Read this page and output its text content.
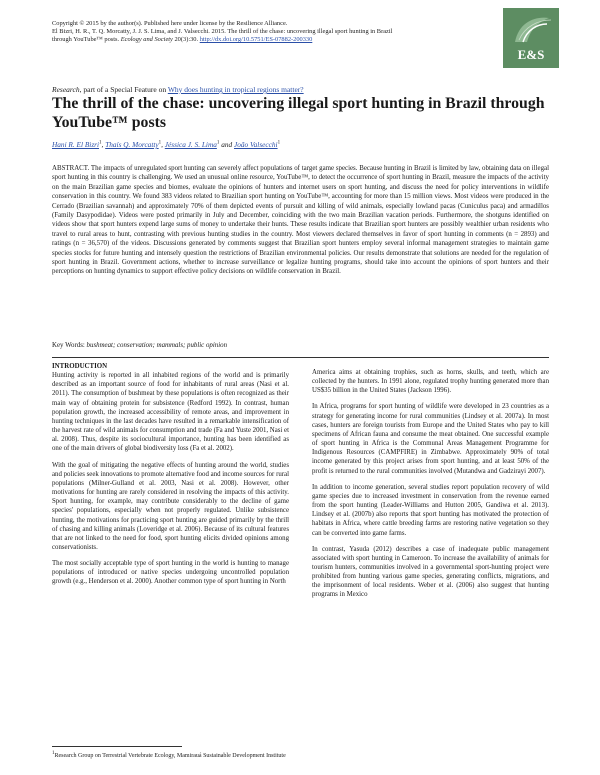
Copyright © 2015 by the author(s). Published here under license by the Resilience Alliance.
El Bizri, H. R., T. Q. Morcatty, J. J. S. Lima, and J. Valsecchi. 2015. The thrill of the chase: uncovering illegal sport hunting in Brazil
through YouTube™ posts. Ecology and Society 20(3):30. http://dx.doi.org/10.5751/ES-07882-200330
E&S
Research, part of a Special Feature on Why does hunting in tropical regions matter?
The thrill of the chase: uncovering illegal sport hunting in Brazil through YouTube™ posts
Hani R. El Bizri$^1$, Thaís Q. Morcatty$^1$, Jéssica J. S. Lima$^1$ and João Valsecchi$^1$

ABSTRACT. The impacts of unregulated sport hunting can severely affect populations of target game species. Because hunting in Brazil is limited by law, obtaining data on illegal sport hunting in this country is challenging. We used an unusual online resource, YouTube™, to detect the occurrence of sport hunting in Brazil, measure the impacts of the activity on the main Brazilian game species and biomes, evaluate the opinions of hunters and internet users on sport hunting, and discuss the need for policy interventions in wildlife conservation in this country. We found 383 videos related to Brazilian sport hunting on YouTube™, accounting for more than 15 million views. Most videos were produced in the Cerrado (Brazilian savannah) and approximately 70% of them depicted events of pursuit and killing of wild animals, especially lowland pacas (Cuniculus paca) and armadillos (Family Dasypodidae). Videos were posted primarily in July and December, coinciding with the two main Brazilian vacation periods. Furthermore, the shotguns identified on videos show that sport hunters expend large sums of money to undertake their hunts. These results indicate that Brazilian sport hunters are possibly wealthier urban residents who travel to rural areas to hunt, contrasting with previous hunting studies in the country. Most viewers declared themselves in favor of sport hunting in comments (n = 2893) and ratings (n = 36,570) of the videos. Discussions generated by comments suggest that Brazilian sport hunters employ several informal management strategies to maintain game species stocks for future hunting and intensely question the restrictions of Brazilian environmental policies. Our results demonstrate that solutions are needed for the regulation of sport hunting in Brazil. Government actions, whether to increase surveillance or legalize hunting programs, should take into account the opinions of sport hunters and their perceptions on hunting dynamics to support effective policy decisions on wildlife conservation in Brazil.

Key Words: bushmeat; conservation; mammals; public opinion
INTRODUCTION

Hunting activity is reported in all inhabited regions of the world and is primarily described as an important source of food for inhabitants of rural areas (Nasi et al. 2011). The consumption of bushmeat by these populations is often recognized as their main way of obtaining protein for subsistence (Redford 1992). In contrast, human population growth, the increased accessibility of remote areas, and improvement in hunting techniques in the last decades have resulted in a remarkable intensification of the harvest rate of wild animals for consumption and trade (Fa and Yuste 2001, Nasi et al. 2008). Thus, despite its sociocultural importance, hunting has been identified as one of the main drivers of global biodiversity loss (Fa et al. 2002).

With the goal of mitigating the negative effects of hunting around the world, studies and policies seek innovations to promote alternative food and income sources for rural populations (Milner-Gulland et al. 2003, Nasi et al. 2008). However, other motivations for hunting are rarely considered in resolving the impacts of this activity. Sport hunting, for example, may contribute considerably to the decline of game species' populations, especially when not properly regulated. Unlike subsistence hunting, the motivations for practicing sport hunting are guided primarily by the thrill of chasing and killing animals (Loveridge et al. 2006). Because of its cultural features that are not linked to the need for food, sport hunting elicits divided opinions among conservationists.

The most socially acceptable type of sport hunting in the world is hunting to manage populations of introduced or native species undergoing uncontrolled population growth (e.g., Henderson et al. 2000). Another common type of sport hunting in North

America aims at obtaining trophies, such as horns, skulls, and teeth, which are collected by the hunters. In 1991 alone, regulated trophy hunting generated more than US$35 billion in the United States (Jackson 1996).

In Africa, programs for sport hunting of wildlife were developed in 23 countries as a strategy for generating income for rural communities (Lindsey et al. 2007a). In most cases, hunters are foreign tourists from Europe and the United States who pay to kill specimens of African fauna and consume the meat obtained. One successful example of sport hunting in Africa is the Communal Areas Management Programme for Indigenous Resources (CAMPFIRE) in Zimbabwe. Approximately 90% of total income generated by this project arises from sport hunting, and at least 50% of the profit is returned to the rural communities involved (Mutandwa and Gadzirayi 2007).

In addition to income generation, several studies report population recovery of wild game species due to increased investment in conservation from the revenue earned from the sport hunting (Leader-Williams and Hutton 2005, Gandiwa et al. 2013). Lindsey et al. (2007b) also reports that sport hunting has motivated the protection of habitats in Africa, where cattle breeding farms are restoring native vegetation so they can be converted into game farms.

In contrast, Yasuda (2012) describes a case of inadequate public management associated with sport hunting in Cameroon. To increase the availability of animals for tourism hunters, communities involved in a governmental sport-hunting project were prohibited from hunting various game species, generating conflicts, migrations, and the imprisonment of local residents. Weber et al. (2006) also suggest that hunting programs in Mexico

$^1$Research Group on Terrestrial Vertebrate Ecology, Mamirauá Sustainable Development Institute
